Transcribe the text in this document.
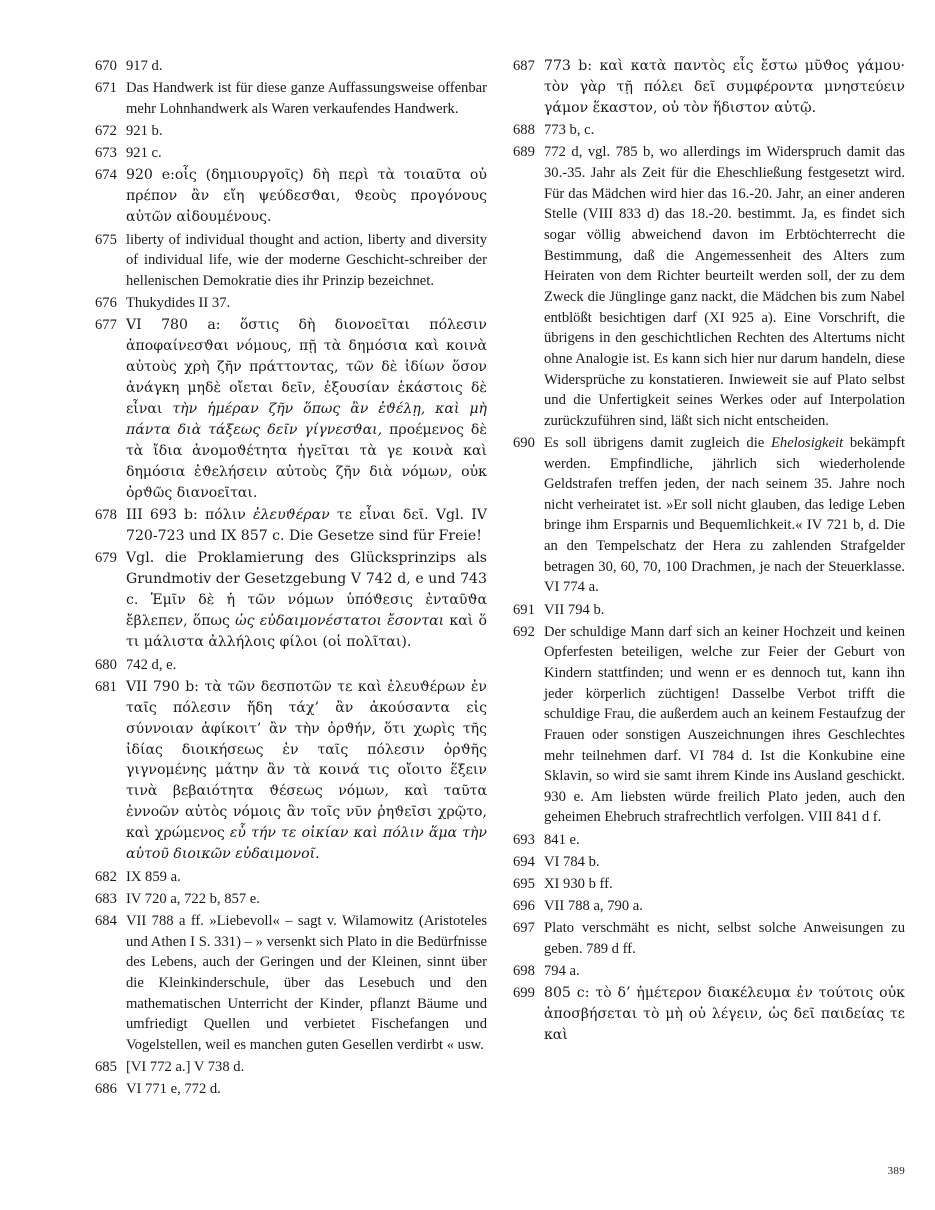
670 917 d.
671 Das Handwerk ist für diese ganze Auffassungsweise offenbar mehr Lohnhandwerk als Waren verkaufendes Handwerk.
672 921 b.
673 921 c.
674 920 e:oἷς (δημιουργοῖς) δὴ περὶ τὰ τοιαῦτα οὐ πρέπον ἂν εἴη ψεύδεσϑαι, ϑεοὺς προγόνους αὐτῶν αἰδουμένους.
675 liberty of individual thought and action, liberty and diversity of individual life, wie der moderne Geschicht-schreiber der hellenischen Demokratie dies ihr Prinzip bezeichnet.
676 Thukydides II 37.
677 VI 780 a: ὅστις δὴ διονοεῖται πόλεσιν ἀποφαίνεσϑαι νόμους, πῇ τὰ δημόσια καὶ κοινὰ αὐτοὺς χρὴ ζῆν πράττοντας, τῶν δὲ ἰδίων ὅσον ἀνάγκη μηδὲ οἴεται δεῖν, ἐξουσίαν ἑκάστοις δὲ εἶναι τὴν ἡμέραν ζῆν ὅπως ἂν ἐϑέλῃ, καὶ μὴ πάντα διὰ τάξεως δεῖν γίγνεσϑαι, προέμενος δὲ τὰ ἴδια ἀνομοϑέτητα ἡγεῖται τὰ γε κοινὰ καὶ δημόσια ἐϑελήσειν αὐτοὺς ζῆν διὰ νόμων, οὐκ ὀρϑῶς διανοεῖται.
678 III 693 b: πόλιν ἐλευϑέραν τε εἶναι δεῖ. Vgl. IV 720-723 und IX 857 c. Die Gesetze sind für Freie!
679 Vgl. die Proklamierung des Glücksprinzips als Grundmotiv der Gesetzgebung V 742 d, e und 743 c. Ἑμῖν δὲ ἡ τῶν νόμων ὑπόϑεσις ἐνταῦϑα ἔβλεπεν, ὅπως ὡς εὐδαιμονέστατοι ἔσονται καὶ ὅ τι μάλιστα ἀλλήλοις φίλοι (οἱ πολῖται).
680 742 d, e.
681 VII 790 b: τὰ τῶν δεσποτῶν τε καὶ ἐλευϑέρων ἐν ταῖς πόλεσιν ἤδη τάχ’ ἂν ἀκούσαντα εἰς σύννοιαν ἀφίκοιτ’ ἂν τὴν ὀρϑήν, ὅτι χωρὶς τῆς ἰδίας διοικήσεως ἐν ταῖς πόλεσιν ὀρϑῆς γιγνομένης μάτην ἂν τὰ κοινά τις οἴοιτο ἕξειν τινὰ βεβαιότητα ϑέσεως νόμων, καὶ ταῦτα ἐννοῶν αὐτὸς νόμοις ἂν τοῖς νῦν ῥηϑεῖσι χρῷτο, καὶ χρώμενος εὖ τήν τε οἰκίαν καὶ πόλιν ἅμα τὴν αὑτοῦ διοικῶν εὐδαιμονοῖ.
682 IX 859 a.
683 IV 720 a, 722 b, 857 e.
684 VII 788 a ff. »Liebevoll« – sagt v. Wilamowitz (Aristoteles und Athen I S. 331) – » versenkt sich Plato in die Bedürfnisse des Lebens, auch der Geringen und der Kleinen, sinnt über die Kleinkinderschule, über das Lesebuch und den mathematischen Unterricht der Kinder, pflanzt Bäume und umfriedigt Quellen und verbietet Fischefangen und Vogelstellen, weil es manchen guten Gesellen verdirbt « usw.
685 [VI 772 a.] V 738 d.
686 VI 771 e, 772 d.
687 773 b: καὶ κατὰ παντὸς εἷς ἔστω μῦϑος γάμου· τὸν γὰρ τῇ πόλει δεῖ συμφέροντα μνηστεύειν γάμον ἕκαστον, οὐ τὸν ἥδιστον αὑτῷ.
688 773 b, c.
689 772 d, vgl. 785 b, wo allerdings im Widerspruch damit das 30.-35. Jahr als Zeit für die Eheschließung festgesetzt wird. Für das Mädchen wird hier das 16.-20. Jahr, an einer anderen Stelle (VIII 833 d) das 18.-20. bestimmt. Ja, es findet sich sogar völlig abweichend davon im Erbtöchterrecht die Bestimmung, daß die Angemessenheit des Alters zum Heiraten von dem Richter beurteilt werden soll, der zu dem Zweck die Jünglinge ganz nackt, die Mädchen bis zum Nabel entblößt besichtigen darf (XI 925 a). Eine Vorschrift, die übrigens in den geschichtlichen Rechten des Altertums nicht ohne Analogie ist. Es kann sich hier nur darum handeln, diese Widersprüche zu konstatieren. Inwieweit sie auf Plato selbst und die Unfertigkeit seines Werkes oder auf Interpolation zurückzuführen sind, läßt sich nicht entscheiden.
690 Es soll übrigens damit zugleich die Ehelosigkeit bekämpft werden. Empfindliche, jährlich sich wiederholende Geldstrafen treffen jeden, der nach seinem 35. Jahre noch nicht verheiratet ist. »Er soll nicht glauben, das ledige Leben bringe ihm Ersparnis und Bequemlichkeit.« IV 721 b, d. Die an den Tempelschatz der Hera zu zahlenden Strafgelder betragen 30, 60, 70, 100 Drachmen, je nach der Steuerklasse. VI 774 a.
691 VII 794 b.
692 Der schuldige Mann darf sich an keiner Hochzeit und keinen Opferfesten beteiligen, welche zur Feier der Geburt von Kindern stattfinden; und wenn er es dennoch tut, kann ihn jeder körperlich züchtigen! Dasselbe Verbot trifft die schuldige Frau, die außerdem auch an keinem Festaufzug der Frauen oder sonstigen Auszeichnungen ihres Geschlechtes mehr teilnehmen darf. VI 784 d. Ist die Konkubine eine Sklavin, so wird sie samt ihrem Kinde ins Ausland geschickt. 930 e. Am liebsten würde freilich Plato jeden, auch den geheimen Ehebruch strafrechtlich verfolgen. VIII 841 d f.
693 841 e.
694 VI 784 b.
695 XI 930 b ff.
696 VII 788 a, 790 a.
697 Plato verschmäht es nicht, selbst solche Anweisungen zu geben. 789 d ff.
698 794 a.
699 805 c: τὸ δ’ ἡμέτερον διακέλευμα ἐν τούτοις οὐκ ἀποσβήσεται τὸ μὴ οὐ λέγειν, ὡς δεῖ παιδείας τε καὶ
389
